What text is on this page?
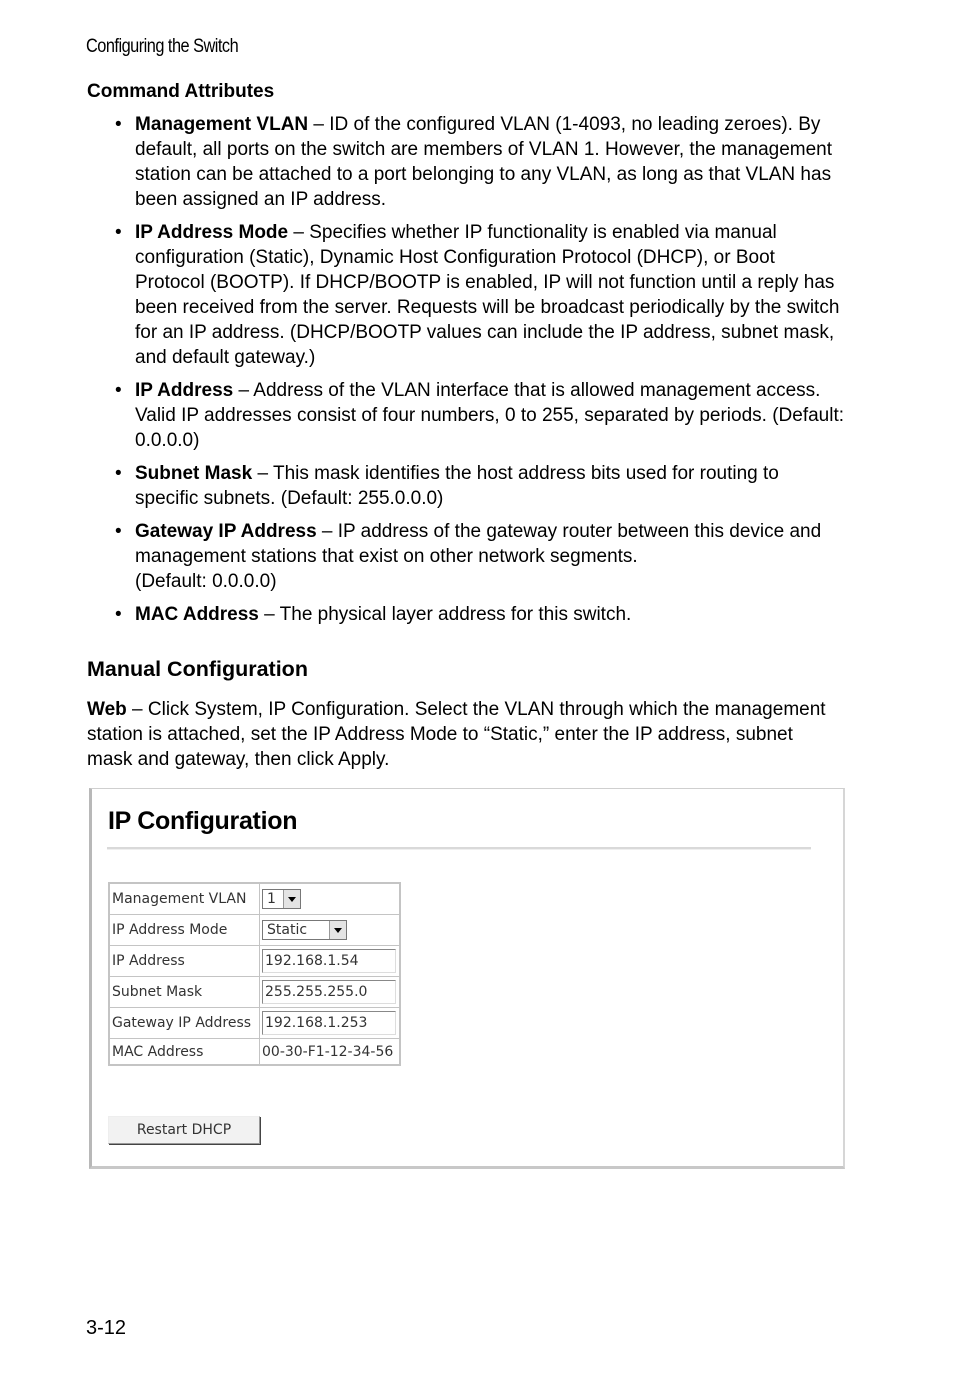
Configuring the Switch
Command Attributes
• Management VLAN – ID of the configured VLAN (1-4093, no leading zeroes). By default, all ports on the switch are members of VLAN 1. However, the management station can be attached to a port belonging to any VLAN, as long as that VLAN has been assigned an IP address.
• IP Address Mode – Specifies whether IP functionality is enabled via manual configuration (Static), Dynamic Host Configuration Protocol (DHCP), or Boot Protocol (BOOTP). If DHCP/BOOTP is enabled, IP will not function until a reply has been received from the server. Requests will be broadcast periodically by the switch for an IP address. (DHCP/BOOTP values can include the IP address, subnet mask, and default gateway.)
• IP Address – Address of the VLAN interface that is allowed management access. Valid IP addresses consist of four numbers, 0 to 255, separated by periods. (Default: 0.0.0.0)
• Subnet Mask – This mask identifies the host address bits used for routing to specific subnets. (Default: 255.0.0.0)
• Gateway IP Address – IP address of the gateway router between this device and management stations that exist on other network segments.
(Default: 0.0.0.0)
• MAC Address – The physical layer address for this switch.
Manual Configuration
Web – Click System, IP Configuration. Select the VLAN through which the management station is attached, set the IP Address Mode to “Static,” enter the IP address, subnet mask and gateway, then click Apply.
IP Configuration
Management VLAN	1

IP Address Mode	Static

IP Address	192.168.1.54
Subnet Mask	255.255.255.0
Gateway IP Address	192.168.1.253
MAC Address	00-30-F1-12-34-56
Restart DHCP
3-12
